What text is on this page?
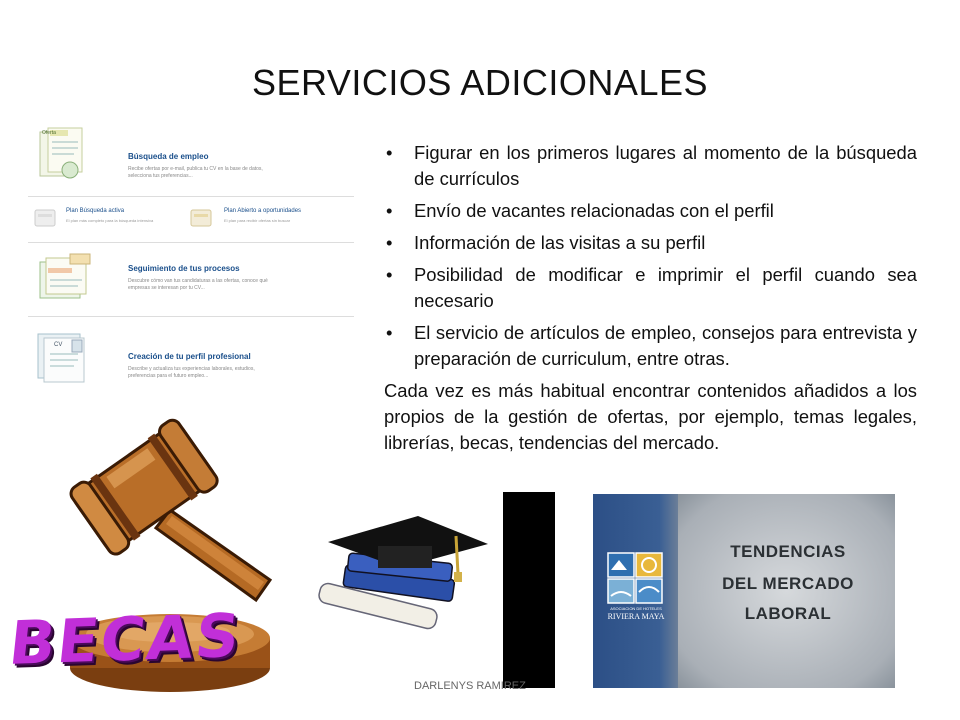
SERVICIOS ADICIONALES
Oferta
Búsqueda de empleo
Recibe ofertas por e-mail, publica tu CV en la base de datos,
selecciona tus preferencias...
Plan Búsqueda activa
El plan más completo para la búsqueda intensiva
Plan Abierto a oportunidades
El plan para recibir ofertas sin buscar
Seguimiento de tus procesos
Descubre cómo van tus candidaturas a las ofertas, conoce qué
empresas se interesan por tu CV...
CV
Creación de tu perfil profesional
Describe y actualiza tus experiencias laborales, estudios,
preferencias para el futuro empleo...
• Figurar en los primeros lugares al momento de la búsqueda de currículos
• Envío de vacantes relacionadas con el perfil
• Información de las visitas a su perfil
• Posibilidad de modificar e imprimir el perfil cuando sea necesario
• El servicio de artículos de empleo, consejos para entrevista y preparación de curriculum, entre otras.
Cada vez es más habitual encontrar contenidos añadidos a los propios de la gestión de ofertas, por ejemplo, temas legales, librerías, becas, tendencias del mercado.
BECAS
DARLENYS RAMIREZ
ASOCIACION DE HOTELES
RIVIERA MAYA
TENDENCIAS
DEL MERCADO
LABORAL
